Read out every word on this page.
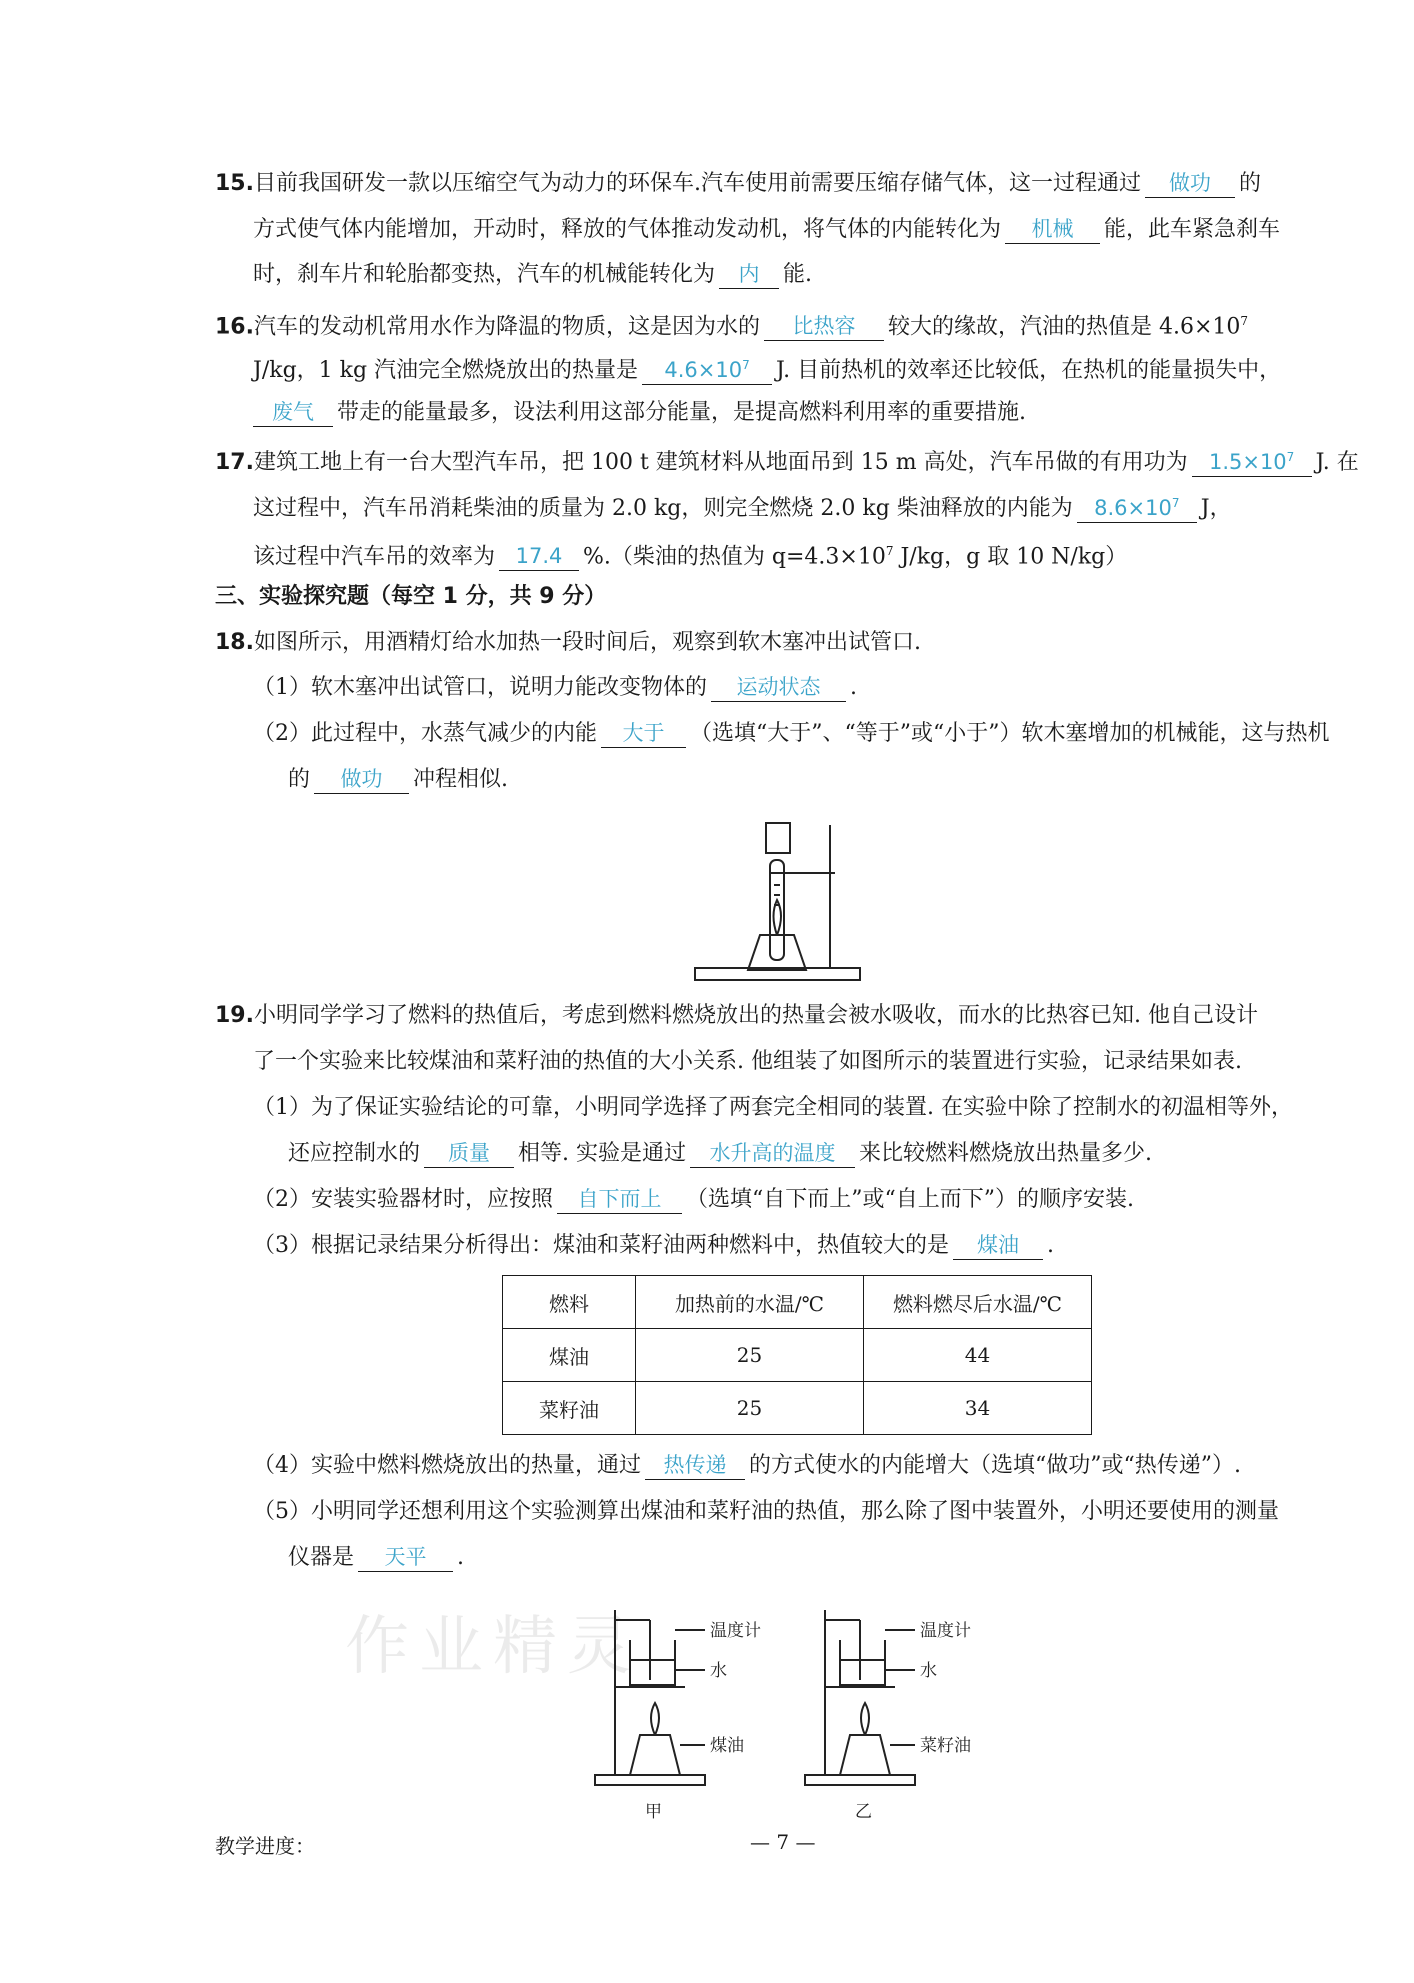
15.目前我国研发一款以压缩空气为动力的环保车.汽车使用前需要压缩存储气体，这一过程通过 做功 的
方式使气体内能增加，开动时，释放的气体推动发动机，将气体的内能转化为 机械 能，此车紧急刹车
时，刹车片和轮胎都变热，汽车的机械能转化为 内 能.
16.汽车的发动机常用水作为降温的物质，这是因为水的 比热容 较大的缘故，汽油的热值是 $4.6\times 10^7$
J/kg，1 kg 汽油完全燃烧放出的热量是 $4.6\times 10^7$ J. 目前热机的效率还比较低，在热机的能量损失中，
废气 带走的能量最多，设法利用这部分能量，是提高燃料利用率的重要措施.
17.建筑工地上有一台大型汽车吊，把 100 t 建筑材料从地面吊到 15 m 高处，汽车吊做的有用功为 $1.5\times 10^7$ J. 在
这过程中，汽车吊消耗柴油的质量为 2.0 kg，则完全燃烧 2.0 kg 柴油释放的内能为 $8.6\times 10^7$ J，
该过程中汽车吊的效率为 17.4 %.（柴油的热值为 $q=4.3\times 10^7$ J/kg，g 取 10 N/kg）
三、实验探究题（每空 1 分，共 9 分）
18.如图所示，用酒精灯给水加热一段时间后，观察到软木塞冲出试管口.
（1）软木塞冲出试管口，说明力能改变物体的 运动状态 .
（2）此过程中，水蒸气减少的内能 大于 （选填“大于”、“等于”或“小于”）软木塞增加的机械能，这与热机
的 做功 冲程相似.
19.小明同学学习了燃料的热值后，考虑到燃料燃烧放出的热量会被水吸收，而水的比热容已知. 他自己设计
了一个实验来比较煤油和菜籽油的热值的大小关系. 他组装了如图所示的装置进行实验，记录结果如表.
（1）为了保证实验结论的可靠，小明同学选择了两套完全相同的装置. 在实验中除了控制水的初温相等外，
还应控制水的 质量 相等. 实验是通过 水升高的温度 来比较燃料燃烧放出热量多少.
（2）安装实验器材时，应按照 自下而上 （选填“自下而上”或“自上而下”）的顺序安装.
（3）根据记录结果分析得出：煤油和菜籽油两种燃料中，热值较大的是 煤油 .
燃料	加热前的水温/℃	燃料燃尽后水温/℃
煤油	25	44
菜籽油	25	34
（4）实验中燃料燃烧放出的热量，通过 热传递 的方式使水的内能增大（选填“做功”或“热传递”）.
（5）小明同学还想利用这个实验测算出煤油和菜籽油的热值，那么除了图中装置外，小明还要使用的测量
仪器是 天平 .
作业精灵	温度计
水
煤油
甲
温度计
水
菜籽油
乙
教学进度：	— 7 —
